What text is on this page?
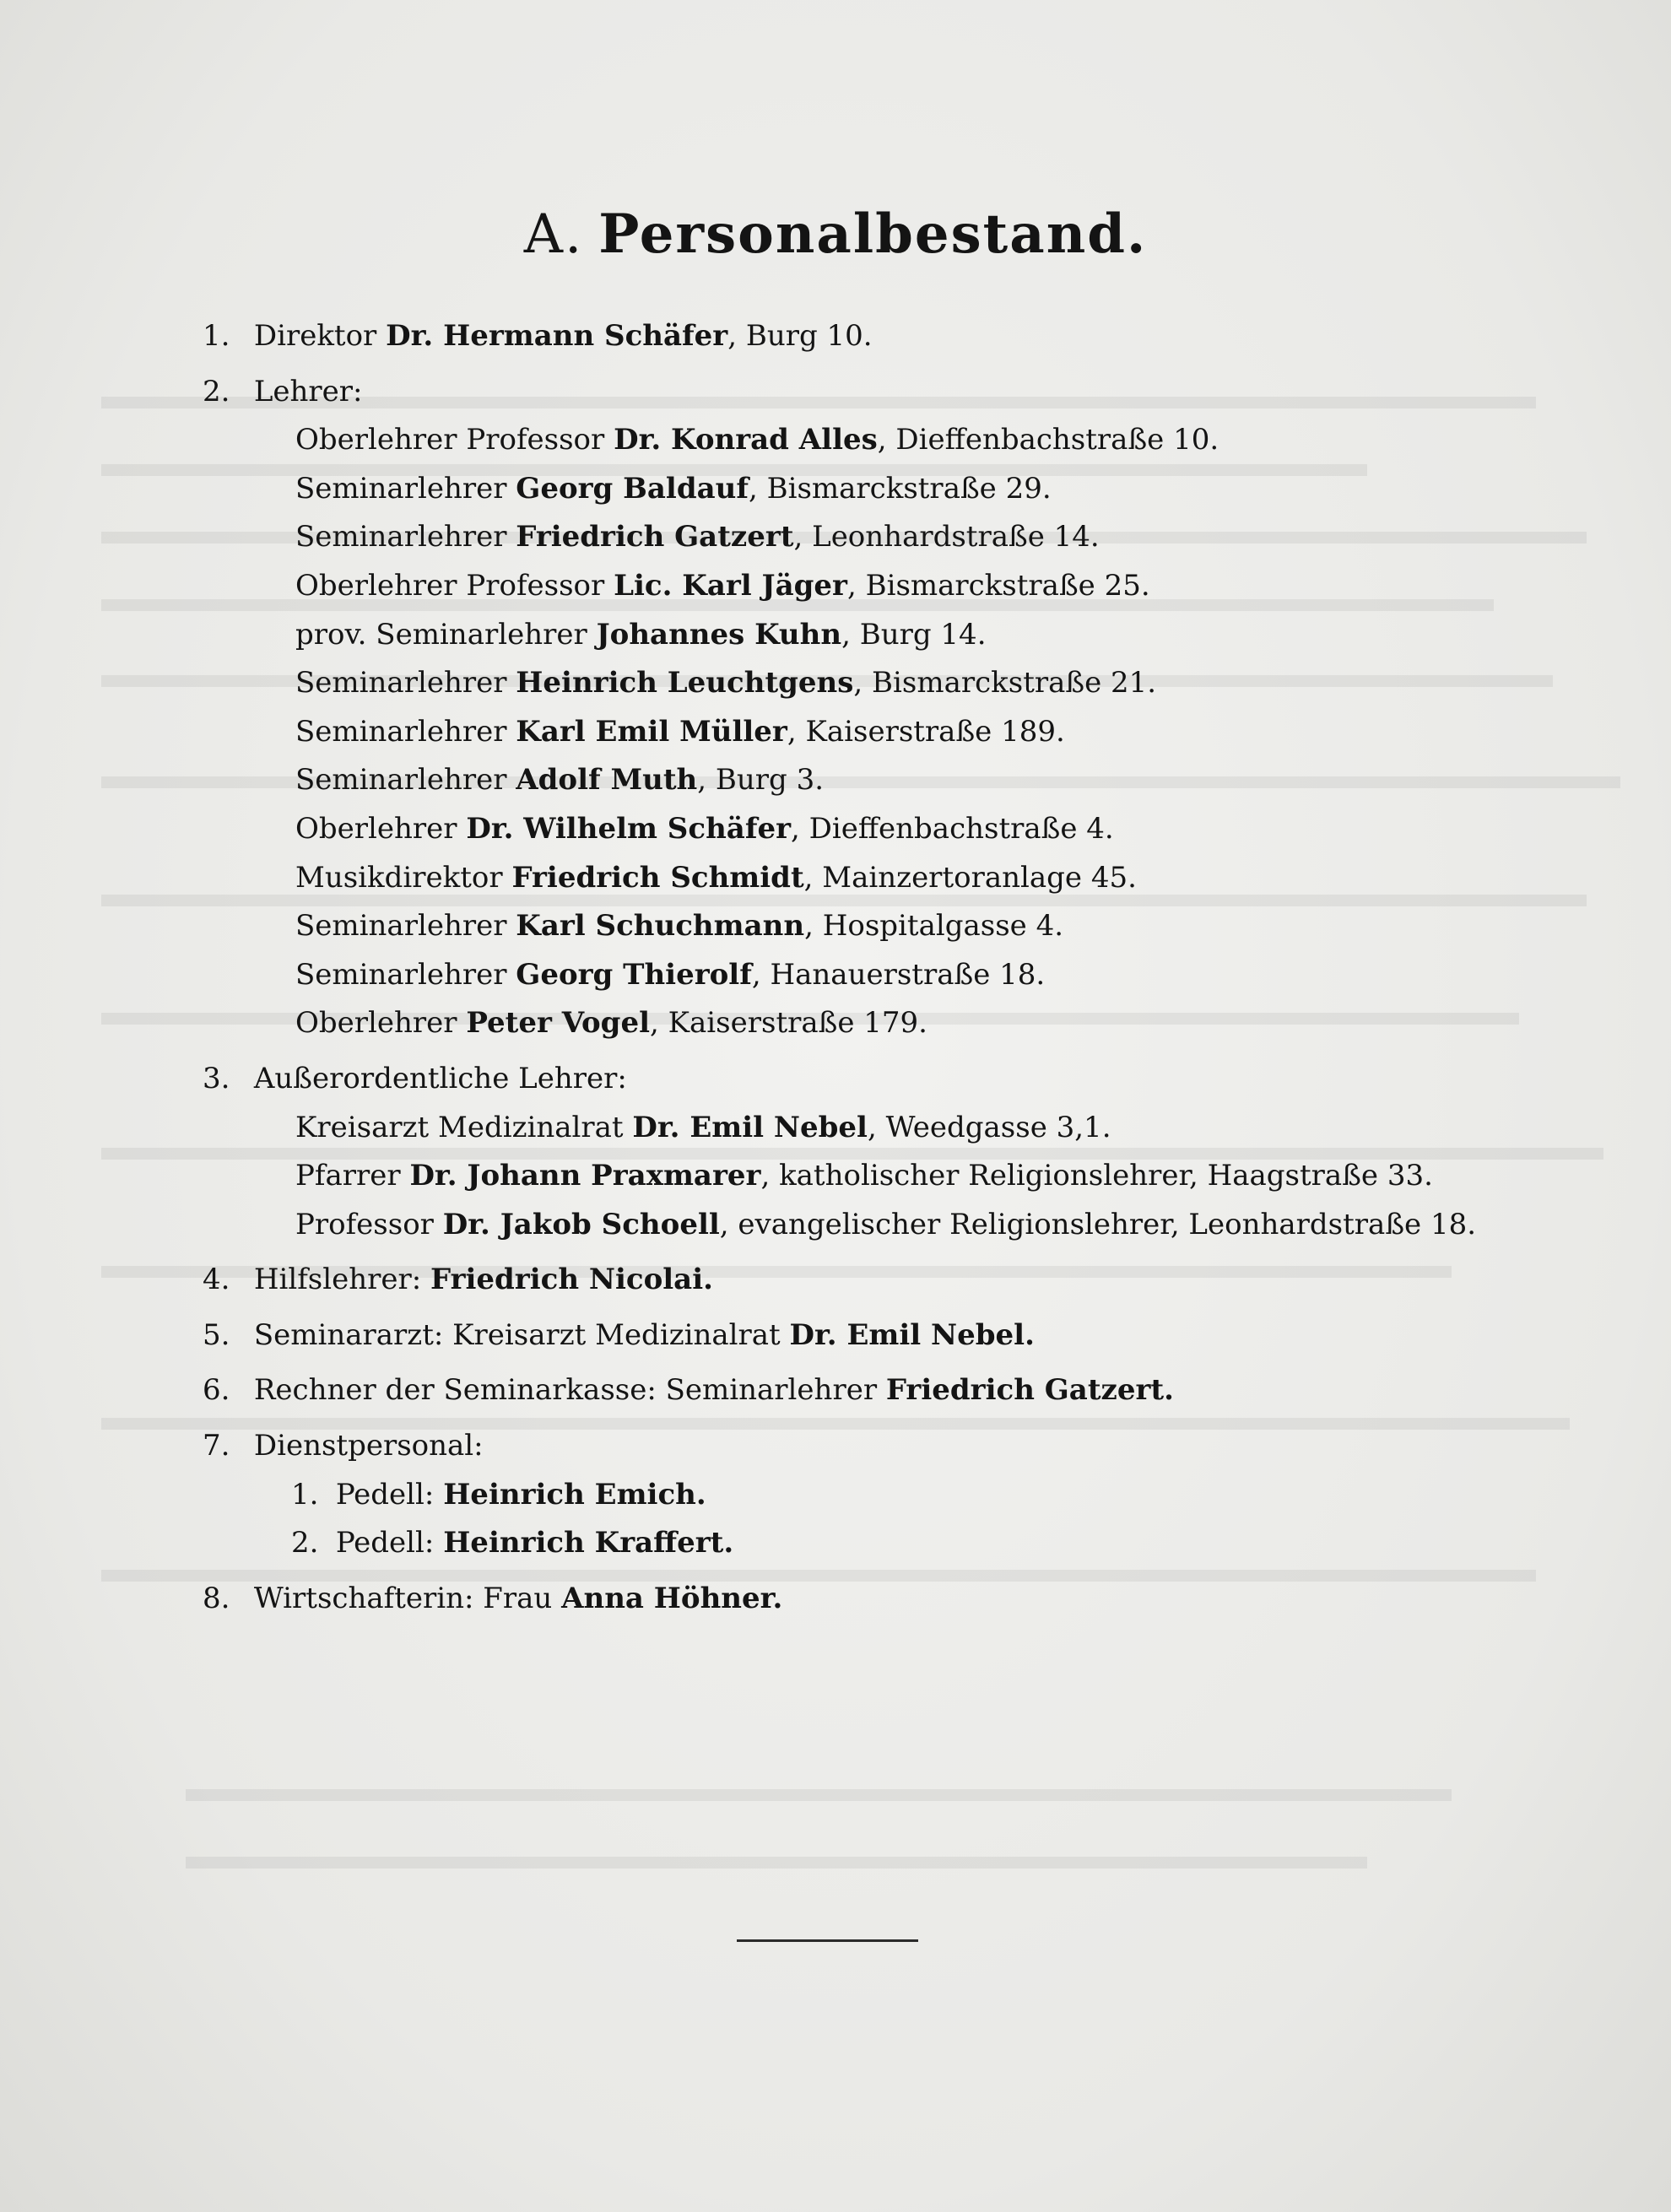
A. Personalbestand.
1. Direktor Dr. Hermann Schäfer, Burg 10.
2. Lehrer:
Oberlehrer Professor Dr. Konrad Alles, Dieffenbachstraße 10.
Seminarlehrer Georg Baldauf, Bismarckstraße 29.
Seminarlehrer Friedrich Gatzert, Leonhardstraße 14.
Oberlehrer Professor Lic. Karl Jäger, Bismarckstraße 25.
prov. Seminarlehrer Johannes Kuhn, Burg 14.
Seminarlehrer Heinrich Leuchtgens, Bismarckstraße 21.
Seminarlehrer Karl Emil Müller, Kaiserstraße 189.
Seminarlehrer Adolf Muth, Burg 3.
Oberlehrer Dr. Wilhelm Schäfer, Dieffenbachstraße 4.
Musikdirektor Friedrich Schmidt, Mainzertoranlage 45.
Seminarlehrer Karl Schuchmann, Hospitalgasse 4.
Seminarlehrer Georg Thierolf, Hanauerstraße 18.
Oberlehrer Peter Vogel, Kaiserstraße 179.
3. Außerordentliche Lehrer:
Kreisarzt Medizinalrat Dr. Emil Nebel, Weedgasse 3,1.
Pfarrer Dr. Johann Praxmarer, katholischer Religionslehrer, Haagstraße 33.
Professor Dr. Jakob Schoell, evangelischer Religionslehrer, Leonhardstraße 18.
4. Hilfslehrer: Friedrich Nicolai.
5. Seminararzt: Kreisarzt Medizinalrat Dr. Emil Nebel.
6. Rechner der Seminarkasse: Seminarlehrer Friedrich Gatzert.
7. Dienstpersonal:
1. Pedell: Heinrich Emich.
2. Pedell: Heinrich Kraffert.
8. Wirtschafterin: Frau Anna Höhner.
